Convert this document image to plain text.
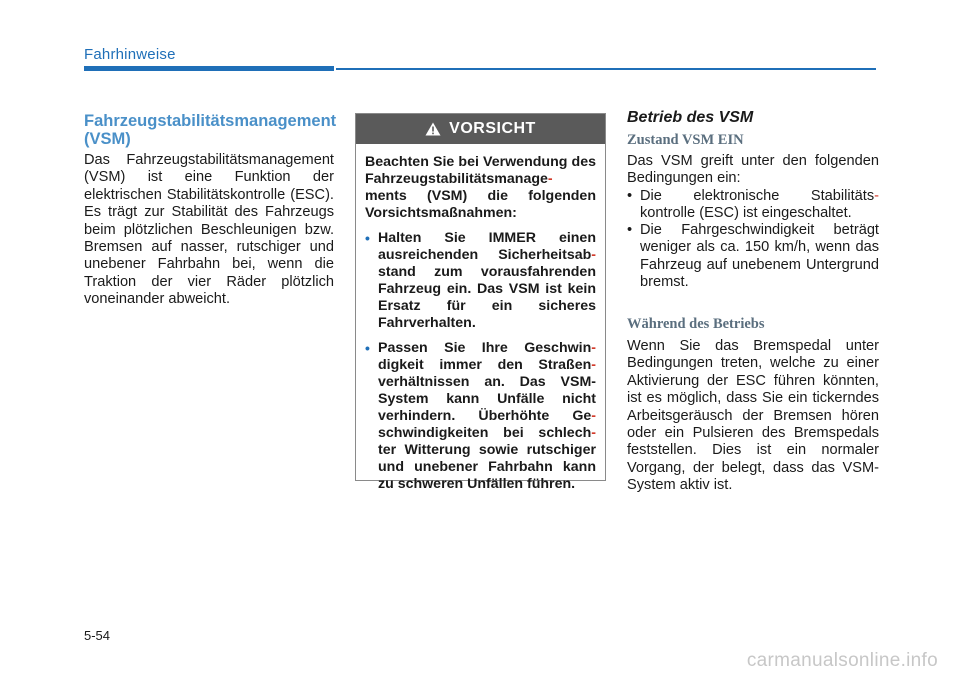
Fahrhinweise
Fahrzeugstabilitätsmanagement (VSM)

Das Fahrzeugstabilitätsmanagement (VSM) ist eine Funktion der elektrischen Stabilitätskontrolle (ESC). Es trägt zur Stabilität des Fahrzeugs beim plötzlichen Beschleunigen bzw. Bremsen auf nasser, rutschiger und unebener Fahrbahn bei, wenn die Traktion der vier Räder plötzlich voneinander abweicht.

VORSICHT

Beachten Sie bei Verwendung des Fahrzeugstabilitätsmanage- ments (VSM) die folgenden Vorsichtsmaßnahmen:

• Halten Sie IMMER einen ausreichenden Sicherheitsab- stand zum vorausfahrenden Fahrzeug ein. Das VSM ist kein Ersatz für ein sicheres Fahrverhalten.
• Passen Sie Ihre Geschwin- digkeit immer den Straßen- verhältnissen an. Das VSM-System kann Unfälle nicht verhindern. Überhöhte Ge- schwindigkeiten bei schlech- ter Witterung sowie rutschiger und unebener Fahrbahn kann zu schweren Unfällen führen.
Betrieb des VSM
Zustand VSM EIN

Das VSM greift unter den folgenden Bedingungen ein:

• Die elektronische Stabilitäts- kontrolle (ESC) ist eingeschaltet.
• Die Fahrgeschwindigkeit beträgt weniger als ca. 150 km/h, wenn das Fahrzeug auf unebenem Untergrund bremst.
Während des Betriebs

Wenn Sie das Bremspedal unter Bedingungen treten, welche zu einer Aktivierung der ESC führen könnten, ist es möglich, dass Sie ein tickerndes Arbeitsgeräusch der Bremsen hören oder ein Pulsieren des Bremspedals feststellen. Dies ist ein normaler Vorgang, der belegt, dass das VSM-System aktiv ist.

5-54
carmanualsonline.info
